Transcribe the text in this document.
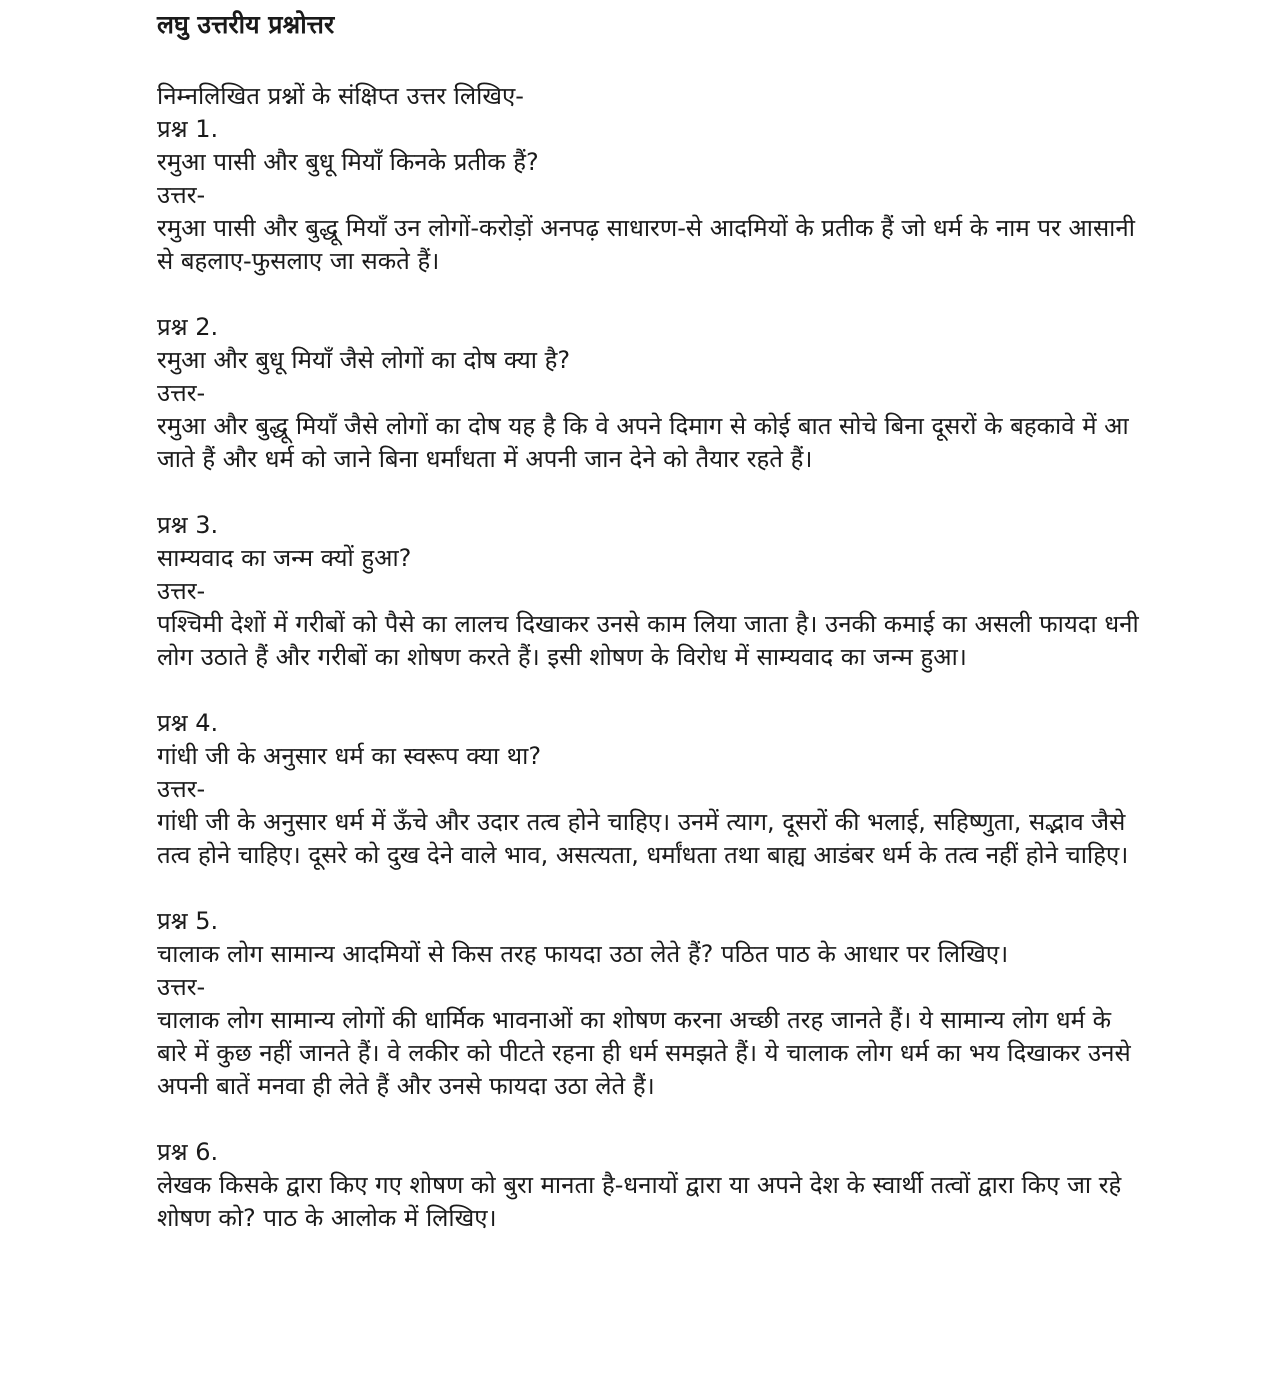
लघु उत्तरीय प्रश्नोत्तर
निम्नलिखित प्रश्नों के संक्षिप्त उत्तर लिखिए-
प्रश्न 1.
रमुआ पासी और बुधू मियाँ किनके प्रतीक हैं?
उत्तर-
रमुआ पासी और बुद्धू मियाँ उन लोगों-करोड़ों अनपढ़ साधारण-से आदमियों के प्रतीक हैं जो धर्म के नाम पर आसानी से बहलाए-फुसलाए जा सकते हैं।
प्रश्न 2.
रमुआ और बुधू मियाँ जैसे लोगों का दोष क्या है?
उत्तर-
रमुआ और बुद्धू मियाँ जैसे लोगों का दोष यह है कि वे अपने दिमाग से कोई बात सोचे बिना दूसरों के बहकावे में आ जाते हैं और धर्म को जाने बिना धर्मांधता में अपनी जान देने को तैयार रहते हैं।
प्रश्न 3.
साम्यवाद का जन्म क्यों हुआ?
उत्तर-
पश्चिमी देशों में गरीबों को पैसे का लालच दिखाकर उनसे काम लिया जाता है। उनकी कमाई का असली फायदा धनी लोग उठाते हैं और गरीबों का शोषण करते हैं। इसी शोषण के विरोध में साम्यवाद का जन्म हुआ।
प्रश्न 4.
गांधी जी के अनुसार धर्म का स्वरूप क्या था?
उत्तर-
गांधी जी के अनुसार धर्म में ऊँचे और उदार तत्व होने चाहिए। उनमें त्याग, दूसरों की भलाई, सहिष्णुता, सद्भाव जैसे तत्व होने चाहिए। दूसरे को दुख देने वाले भाव, असत्यता, धर्मांधता तथा बाह्य आडंबर धर्म के तत्व नहीं होने चाहिए।
प्रश्न 5.
चालाक लोग सामान्य आदमियों से किस तरह फायदा उठा लेते हैं? पठित पाठ के आधार पर लिखिए।
उत्तर-
चालाक लोग सामान्य लोगों की धार्मिक भावनाओं का शोषण करना अच्छी तरह जानते हैं। ये सामान्य लोग धर्म के बारे में कुछ नहीं जानते हैं। वे लकीर को पीटते रहना ही धर्म समझते हैं। ये चालाक लोग धर्म का भय दिखाकर उनसे अपनी बातें मनवा ही लेते हैं और उनसे फायदा उठा लेते हैं।
प्रश्न 6.
लेखक किसके द्वारा किए गए शोषण को बुरा मानता है-धनायों द्वारा या अपने देश के स्वार्थी तत्वों द्वारा किए जा रहे शोषण को? पाठ के आलोक में लिखिए।
